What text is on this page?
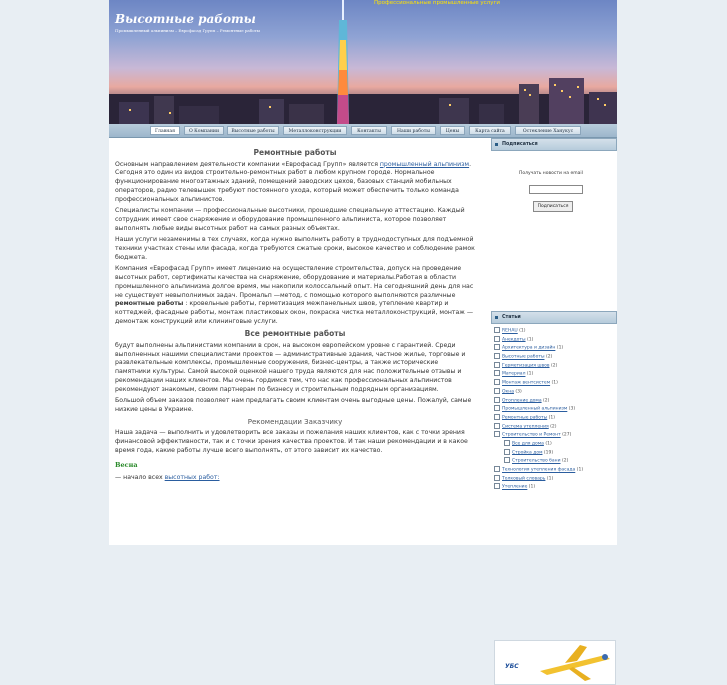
Высотные работы
Промышленный альпинизм – Еврофасад Групп – Ремонтные работы
Профессиональные промышленные услуги
Главная	О Компании	Высотные работы	Металлоконструкции	Контакты	Наши работы	Цены	Карта сайта	Остекление Ханукус
Ремонтные работы

Основным направлением деятельности компании «Еврофасад Групп» является промышленный альпинизм. Сегодня это один из видов строительно-ремонтных работ в любом крупном городе. Нормальное функционирование многоэтажных зданий, помещений заводских цехов, базовых станций мобильных операторов, радио телевышек требуют постоянного ухода, который может обеспечить только команда профессиональных альпинистов.

Специалисты компании — профессиональные высотники, прошедшие специальную аттестацию. Каждый сотрудник имеет свое снаряжение и оборудование промышленного альпиниста, которое позволяет выполнять любые виды высотных работ на самых разных объектах.

Наши услуги незаменимы в тех случаях, когда нужно выполнить работу в труднодоступных для подъемной техники участках стены или фасада, когда требуются сжатые сроки, высокое качество и соблюдение рамок бюджета.

Компания «Еврофасад Групп» имеет лицензию на осуществление строительства, допуск на проведение высотных работ, сертификаты качества на снаряжение, оборудование и материалы.Работая в области промышленного альпинизма долгое время, мы накопили колоссальный опыт. На сегодняшний день для нас не существует невыполнимых задач. Промальп —метод, с помощью которого выполняются различные ремонтные работы : кровельные работы, герметизация межпанельных швов, утепление квартир и коттеджей, фасадные работы, монтаж пластиковых окон, покраска чистка металлоконструкций, монтаж — демонтаж конструкций или клининговые услуги.

Все ремонтные работы

будут выполнены альпинистами компании в срок, на высоком европейском уровне с гарантией. Среди выполненных нашими специалистами проектов — административные здания, частное жилье, торговые и развлекательные комплексы, промышленные сооружения, бизнес-центры, а также исторические памятники культуры. Самой высокой оценкой нашего труда являются для нас положительные отзывы и рекомендации наших клиентов. Мы очень гордимся тем, что нас как профессиональных альпинистов рекомендуют знакомым, своим партнерам по бизнесу и строительным подрядным организациям.

Большой объем заказов позволяет нам предлагать своим клиентам очень выгодные цены. Пожалуй, самые низкие цены в Украине.

Рекомендации Заказчику

Наша задача — выполнить и удовлетворить все заказы и пожелания наших клиентов, как с точки зрения финансовой эффективности, так и с точки зрения качества проектов. И так наши рекомендации и в какое время года, какие работы лучше всего выполнять, от этого зависит их качество.

Весна

— начало всех высотных работ:

Подписаться
Получать новости на email
Подписаться
Статьи
REHAU (1)
Анекдоты (1)
Архитектура и дизайн (1)
Высотные работы (2)
Герметизация швов (2)
Материал (1)
Монтаж вентсистем (1)
Окна (3)
Отопление дома (2)
Промышленный альпинизм (3)
Ремонтные работы (1)
Система утепления (2)
Строительство и Ремонт (27)
Все для дома (1)
Стройка дом (19)
Строительство бани (2)
Технология утепления фасада (1)
Толковый словарь (1)
Утепление (1)
УБС
